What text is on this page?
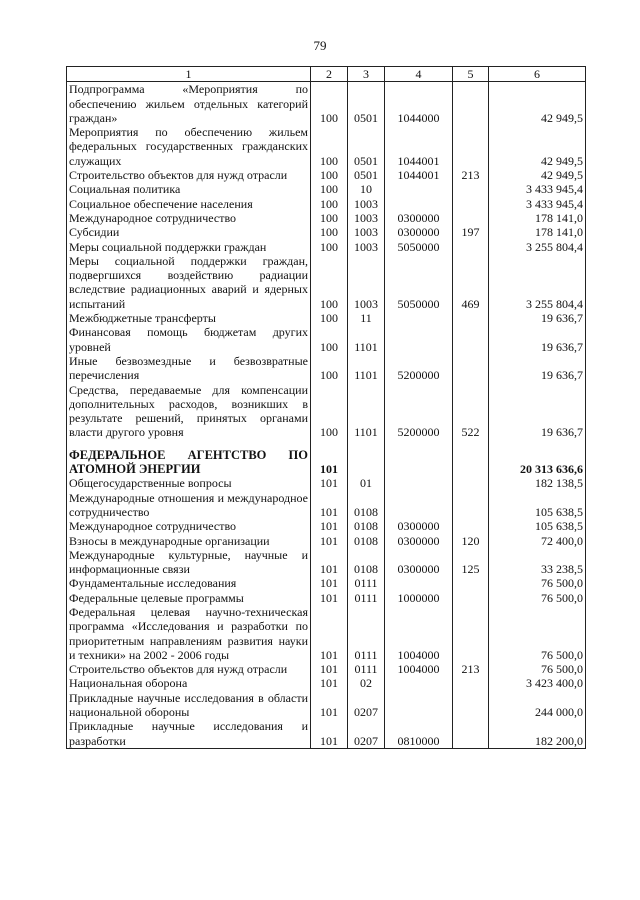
79
1	2	3	4	5	6
Подпрограмма «Мероприятия по обеспечению жильем отдельных категорий граждан»	100	0501	1044000		42 949,5
Мероприятия по обеспечению жильем федеральных государственных гражданских служащих	100	0501	1044001		42 949,5
Строительство объектов для нужд отрасли	100	0501	1044001	213	42 949,5
Социальная политика	100	10			3 433 945,4
Социальное обеспечение населения	100	1003			3 433 945,4
Международное сотрудничество	100	1003	0300000		178 141,0
Субсидии	100	1003	0300000	197	178 141,0
Меры социальной поддержки граждан	100	1003	5050000		3 255 804,4
Меры социальной поддержки граждан, подвергшихся воздействию радиации вследствие радиационных аварий и ядерных испытаний	100	1003	5050000	469	3 255 804,4
Межбюджетные трансферты	100	11			19 636,7
Финансовая помощь бюджетам других уровней	100	1101			19 636,7
Иные безвозмездные и безвозвратные перечисления	100	1101	5200000		19 636,7
Средства, передаваемые для компенсации дополнительных расходов, возникших в результате решений, принятых органами власти другого уровня	100	1101	5200000	522	19 636,7

ФЕДЕРАЛЬНОЕ АГЕНТСТВО ПО АТОМНОЙ ЭНЕРГИИ	101				20 313 636,6
Общегосударственные вопросы	101	01			182 138,5
Международные отношения и международное сотрудничество	101	0108			105 638,5
Международное сотрудничество	101	0108	0300000		105 638,5
Взносы в международные организации	101	0108	0300000	120	72 400,0
Международные культурные, научные и информационные связи	101	0108	0300000	125	33 238,5
Фундаментальные исследования	101	0111			76 500,0
Федеральные целевые программы	101	0111	1000000		76 500,0
Федеральная целевая научно-техническая программа «Исследования и разработки по приоритетным направлениям развития науки и техники» на 2002 - 2006 годы	101	0111	1004000		76 500,0
Строительство объектов для нужд отрасли	101	0111	1004000	213	76 500,0
Национальная оборона	101	02			3 423 400,0
Прикладные научные исследования в области национальной обороны	101	0207			244 000,0
Прикладные научные исследования и разработки	101	0207	0810000		182 200,0
